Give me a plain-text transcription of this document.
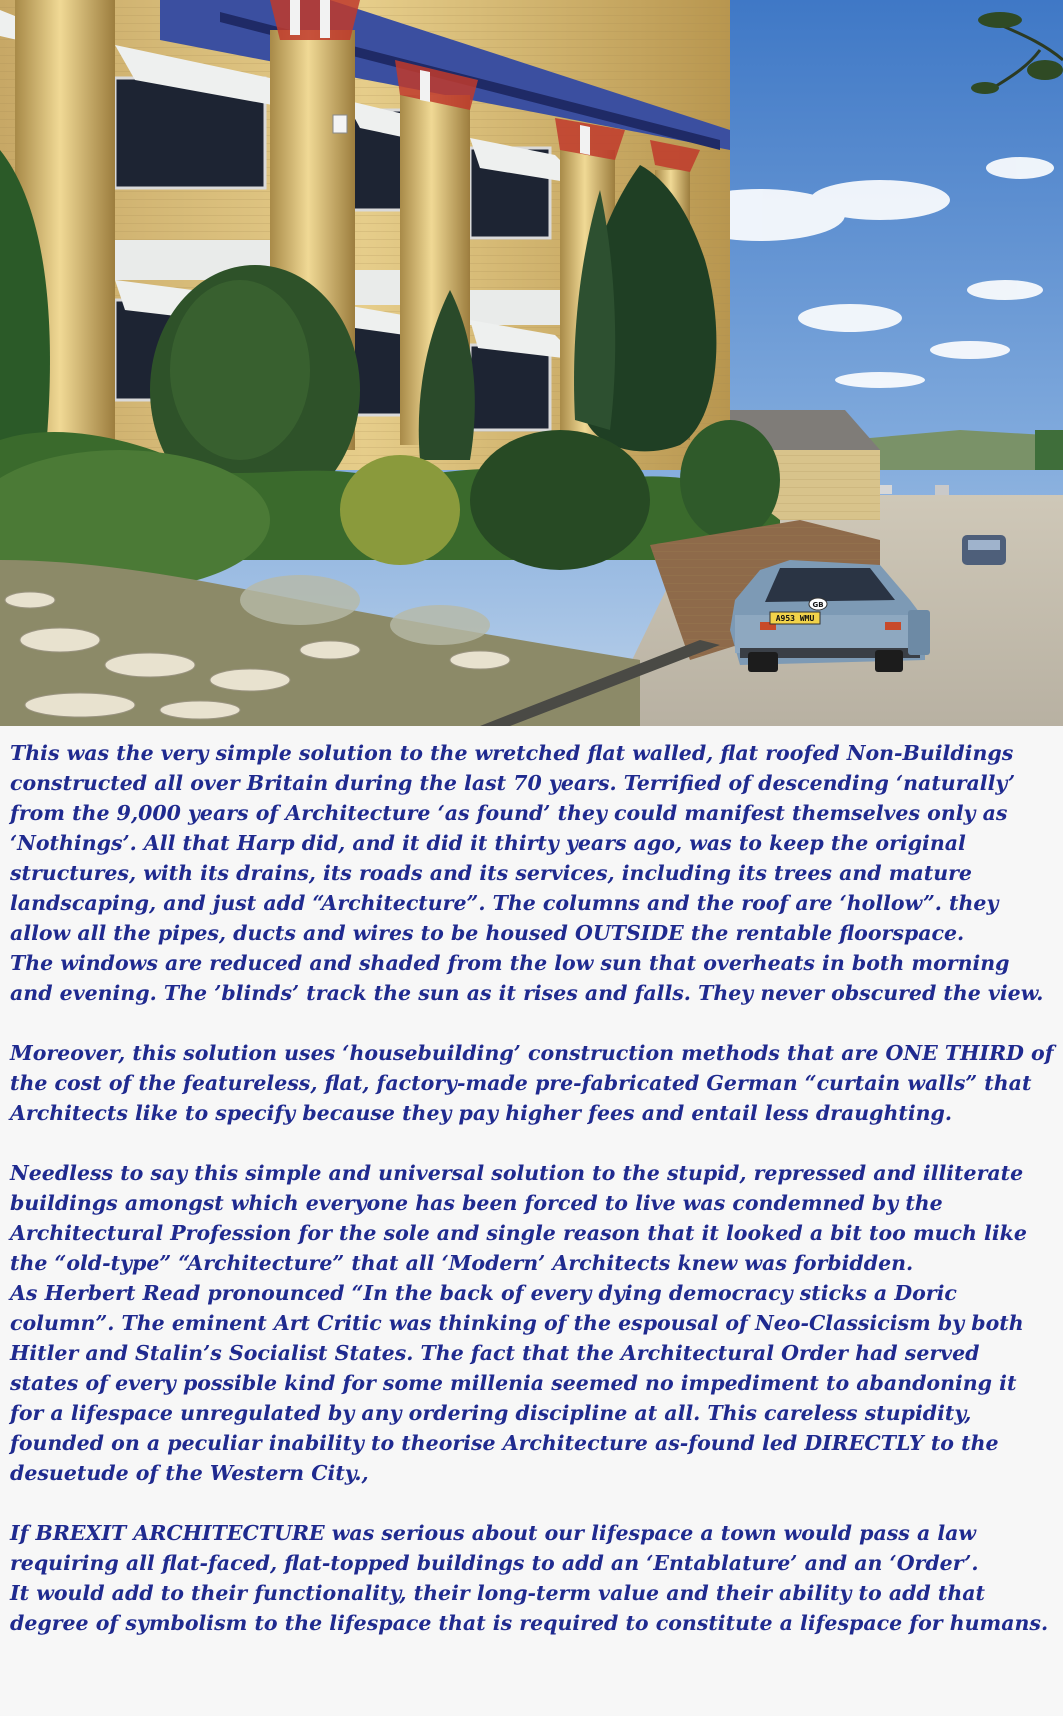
A953 WMU
GB

This was the very simple solution to the wretched flat walled, flat roofed Non-Buildings
constructed all over Britain during the last 70 years. Terrified of descending ‘naturally’
from the 9,000 years of Architecture ‘as found’ they could manifest themselves only as
‘Nothings’. All that Harp did, and it did it thirty years ago, was to keep the original
structures, with its drains, its roads and its services, including its trees and mature
landscaping, and just add “Architecture”. The columns and the roof are ‘hollow”. they
allow all the pipes, ducts and wires to be housed OUTSIDE the rentable floorspace.
The windows are reduced and shaded from the low sun that overheats in both morning
and evening. The ’blinds’ track the sun as it rises and falls. They never obscured the view.

Moreover, this solution uses ‘housebuilding’ construction methods that are ONE THIRD of
the cost of the featureless, flat, factory-made pre-fabricated German “curtain walls” that
Architects like to specify because they pay higher fees and entail less draughting.

Needless to say this simple and universal solution to the stupid, repressed and illiterate
buildings amongst which everyone has been forced to live was condemned by the
Architectural Profession for the sole and single reason that it looked a bit too much like
the “old-type” “Architecture” that all ‘Modern’ Architects knew was forbidden.
As Herbert Read pronounced “In the back of every dying democracy sticks a Doric
column”. The eminent Art Critic was thinking of the espousal of Neo-Classicism by both
Hitler and Stalin’s Socialist States. The fact that the Architectural Order had served
states of every possible kind for some millenia seemed no impediment to abandoning it
for a lifespace unregulated by any ordering discipline at all. This careless stupidity,
founded on a peculiar inability to theorise Architecture as-found led DIRECTLY to the
desuetude of the Western City.,

If BREXIT ARCHITECTURE was serious about our lifespace a town would pass a law
requiring all flat-faced, flat-topped buildings to add an ‘Entablature’ and an ‘Order’.
It would add to their functionality, their long-term value and their ability to add that
degree of symbolism to the lifespace that is required to constitute a lifespace for humans.
